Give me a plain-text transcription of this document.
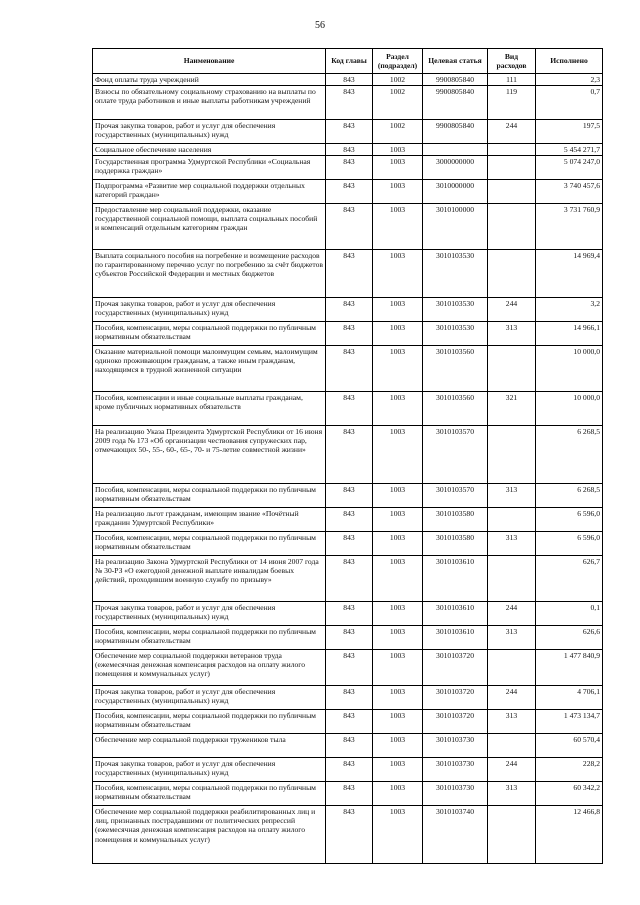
56
Наименование	Код главы	Раздел (подраздел)	Целевая статья	Вид расходов	Исполнено
Фонд оплаты труда учреждений	843	1002	9900805840	111	2,3
Взносы по обязательному социальному страхованию на выплаты по оплате труда работников и иные выплаты работникам учреждений	843	1002	9900805840	119	0,7
Прочая закупка товаров, работ и услуг для обеспечения государственных (муниципальных) нужд	843	1002	9900805840	244	197,5
Социальное обеспечение населения	843	1003			5 454 271,7
Государственная программа Удмуртской Республики «Социальная поддержка граждан»	843	1003	3000000000		5 074 247,0
Подпрограмма «Развитие мер социальной поддержки отдельных категорий граждан»	843	1003	3010000000		3 740 457,6
Предоставление мер социальной поддержки, оказание государственной социальной помощи, выплата социальных пособий и компенсаций отдельным категориям граждан	843	1003	3010100000		3 731 760,9
Выплата социального пособия на погребение и возмещение расходов по гарантированному перечню услуг по погребению за счёт бюджетов субъектов Российской Федерации и местных бюджетов	843	1003	3010103530		14 969,4
Прочая закупка товаров, работ и услуг для обеспечения государственных (муниципальных) нужд	843	1003	3010103530	244	3,2
Пособия, компенсации, меры социальной поддержки по публичным нормативным обязательствам	843	1003	3010103530	313	14 966,1
Оказание материальной помощи малоимущим семьям, малоимущим одиноко проживающим гражданам, а также иным гражданам, находящимся в трудной жизненной ситуации	843	1003	3010103560		10 000,0
Пособия, компенсации и иные социальные выплаты гражданам, кроме публичных нормативных обязательств	843	1003	3010103560	321	10 000,0
На реализацию Указа Президента Удмуртской Республики от 16 июня 2009 года № 173 «Об организации чествования супружеских пар, отмечающих 50-, 55-, 60-, 65-, 70- и 75-летие совместной жизни»	843	1003	3010103570		6 268,5
Пособия, компенсации, меры социальной поддержки по публичным нормативным обязательствам	843	1003	3010103570	313	6 268,5
На реализацию льгот гражданам, имеющим звание «Почётный гражданин Удмуртской Республики»	843	1003	3010103580		6 596,0
Пособия, компенсации, меры социальной поддержки по публичным нормативным обязательствам	843	1003	3010103580	313	6 596,0
На реализацию Закона Удмуртской Республики от 14 июня 2007 года № 30-РЗ «О ежегодной денежной выплате инвалидам боевых действий, проходившим военную службу по призыву»	843	1003	3010103610		626,7
Прочая закупка товаров, работ и услуг для обеспечения государственных (муниципальных) нужд	843	1003	3010103610	244	0,1
Пособия, компенсации, меры социальной поддержки по публичным нормативным обязательствам	843	1003	3010103610	313	626,6
Обеспечение мер социальной поддержки ветеранов труда (ежемесячная денежная компенсация расходов на оплату жилого помещения и коммунальных услуг)	843	1003	3010103720		1 477 840,9
Прочая закупка товаров, работ и услуг для обеспечения государственных (муниципальных) нужд	843	1003	3010103720	244	4 706,1
Пособия, компенсации, меры социальной поддержки по публичным нормативным обязательствам	843	1003	3010103720	313	1 473 134,7
Обеспечение мер социальной поддержки тружеников тыла	843	1003	3010103730		60 570,4
Прочая закупка товаров, работ и услуг для обеспечения государственных (муниципальных) нужд	843	1003	3010103730	244	228,2
Пособия, компенсации, меры социальной поддержки по публичным нормативным обязательствам	843	1003	3010103730	313	60 342,2
Обеспечение мер социальной поддержки реабилитированных лиц и лиц, признанных пострадавшими от политических репрессий (ежемесячная денежная компенсация расходов на оплату жилого помещения и коммунальных услуг)	843	1003	3010103740		12 466,8
